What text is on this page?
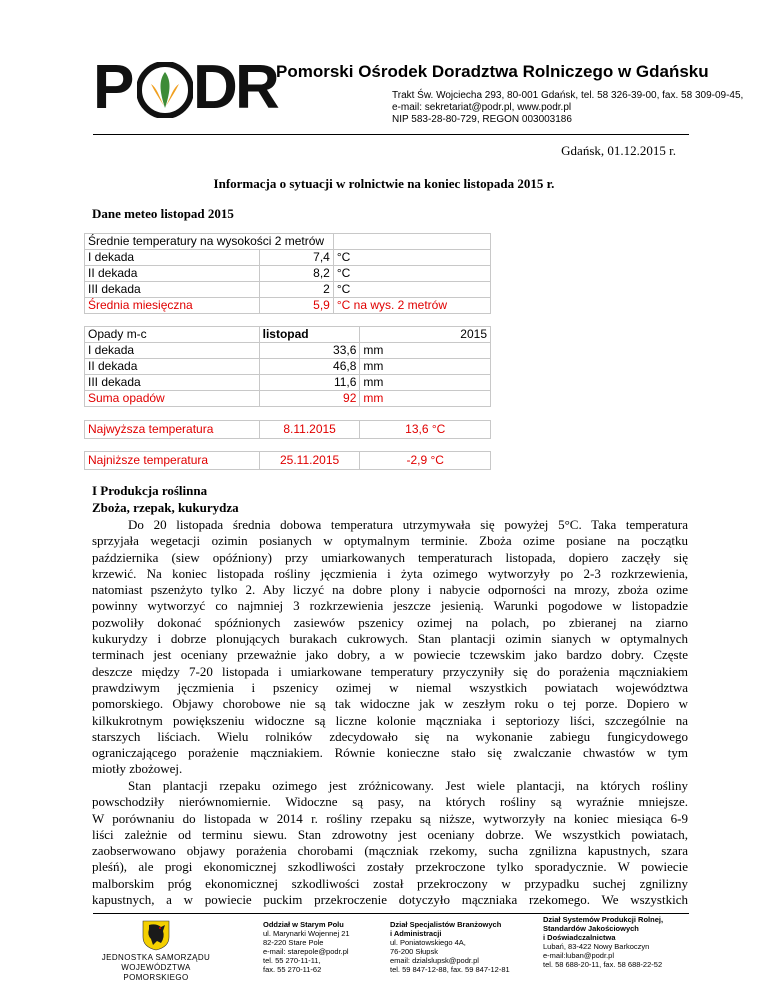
P D
R
Pomorski Ośrodek Doradztwa Rolniczego w Gdańsku
Trakt Św. Wojciecha 293, 80-001 Gdańsk, tel. 58 326-39-00, fax. 58 309-09-45,
e-mail: sekretariat@podr.pl, www.podr.pl
NIP 583-28-80-729, REGON 003003186
Gdańsk, 01.12.2015 r.
Informacja o sytuacji w rolnictwie na koniec listopada 2015 r.
Dane meteo listopad 2015
Średnie temperatury na wysokości 2 metrów		
I dekada	7,4	°C
II dekada	8,2	°C
III dekada	2	°C
Średnia miesięczna	5,9	°C na wys. 2 metrów
Opady m-c	listopad	2015
I dekada	33,6	mm
II dekada	46,8	mm
III dekada	11,6	mm
Suma opadów	92	mm
Najwyższa temperatura	8.11.2015	13,6 °C
Najniższe temperatura	25.11.2015	-2,9 °C
I Produkcja roślinna
Zboża, rzepak, kukurydza
Do 20 listopada średnia dobowa temperatura utrzymywała się powyżej 5°C. Taka temperatura
sprzyjała wegetacji ozimin posianych w optymalnym terminie. Zboża ozime posiane na początku
października (siew opóźniony) przy umiarkowanych temperaturach listopada, dopiero zaczęły się
krzewić. Na koniec listopada rośliny jęczmienia i żyta ozimego wytworzyły po 2-3 rozkrzewienia,
natomiast pszenżyto tylko 2. Aby liczyć na dobre plony i nabycie odporności na mrozy, zboża ozime
powinny wytworzyć co najmniej 3 rozkrzewienia jeszcze jesienią. Warunki pogodowe w listopadzie
pozwoliły dokonać spóźnionych zasiewów pszenicy ozimej na polach, po zbieranej na ziarno
kukurydzy i dobrze plonujących burakach cukrowych. Stan plantacji ozimin sianych w optymalnych
terminach jest oceniany przeważnie jako dobry, a w powiecie tczewskim jako bardzo dobry. Częste
deszcze między 7-20 listopada i umiarkowane temperatury przyczyniły się do porażenia mączniakiem
prawdziwym jęczmienia i pszenicy ozimej w niemal wszystkich powiatach województwa
pomorskiego. Objawy chorobowe nie są tak widoczne jak w zeszłym roku o tej porze. Dopiero w
kilkukrotnym powiększeniu widoczne są liczne kolonie mączniaka i septoriozy liści, szczególnie na
starszych liściach. Wielu rolników zdecydowało się na wykonanie zabiegu fungicydowego
ograniczającego porażenie mączniakiem. Równie konieczne stało się zwalczanie chwastów w tym
miotły zbożowej.
Stan plantacji rzepaku ozimego jest zróżnicowany. Jest wiele plantacji, na których rośliny
powschodziły nierównomiernie. Widoczne są pasy, na których rośliny są wyraźnie mniejsze.
W porównaniu do listopada w 2014 r. rośliny rzepaku są niższe, wytworzyły na koniec miesiąca 6-9
liści zależnie od terminu siewu. Stan zdrowotny jest oceniany dobrze. We wszystkich powiatach,
zaobserwowano objawy porażenia chorobami (mączniak rzekomy, sucha zgnilizna kapustnych, szara
pleśń), ale progi ekonomicznej szkodliwości zostały przekroczone tylko sporadycznie. W powiecie
malborskim próg ekonomicznej szkodliwości został przekroczony w przypadku suchej zgnilizny
kapustnych, a w powiecie puckim przekroczenie dotyczyło mączniaka rzekomego. We wszystkich
JEDNOSTKA SAMORZĄDU
WOJEWÓDZTWA POMORSKIEGO
Oddział w Starym Polu
ul. Marynarki Wojennej 21
82-220 Stare Pole
e-mail: starepole@podr.pl
tel. 55 270-11-11,
fax. 55 270-11-62
Dział Specjalistów Branżowych
i Administracji
ul. Poniatowskiego 4A,
76-200 Słupsk
email: dzialslupsk@podr.pl
tel. 59 847-12-88, fax. 59 847-12-81
Dział Systemów Produkcji Rolnej,
Standardów Jakościowych
i Doświadczalnictwa
Lubań, 83-422 Nowy Barkoczyn
e-mail:luban@podr.pl
tel. 58 688-20-11, fax. 58 688-22-52
